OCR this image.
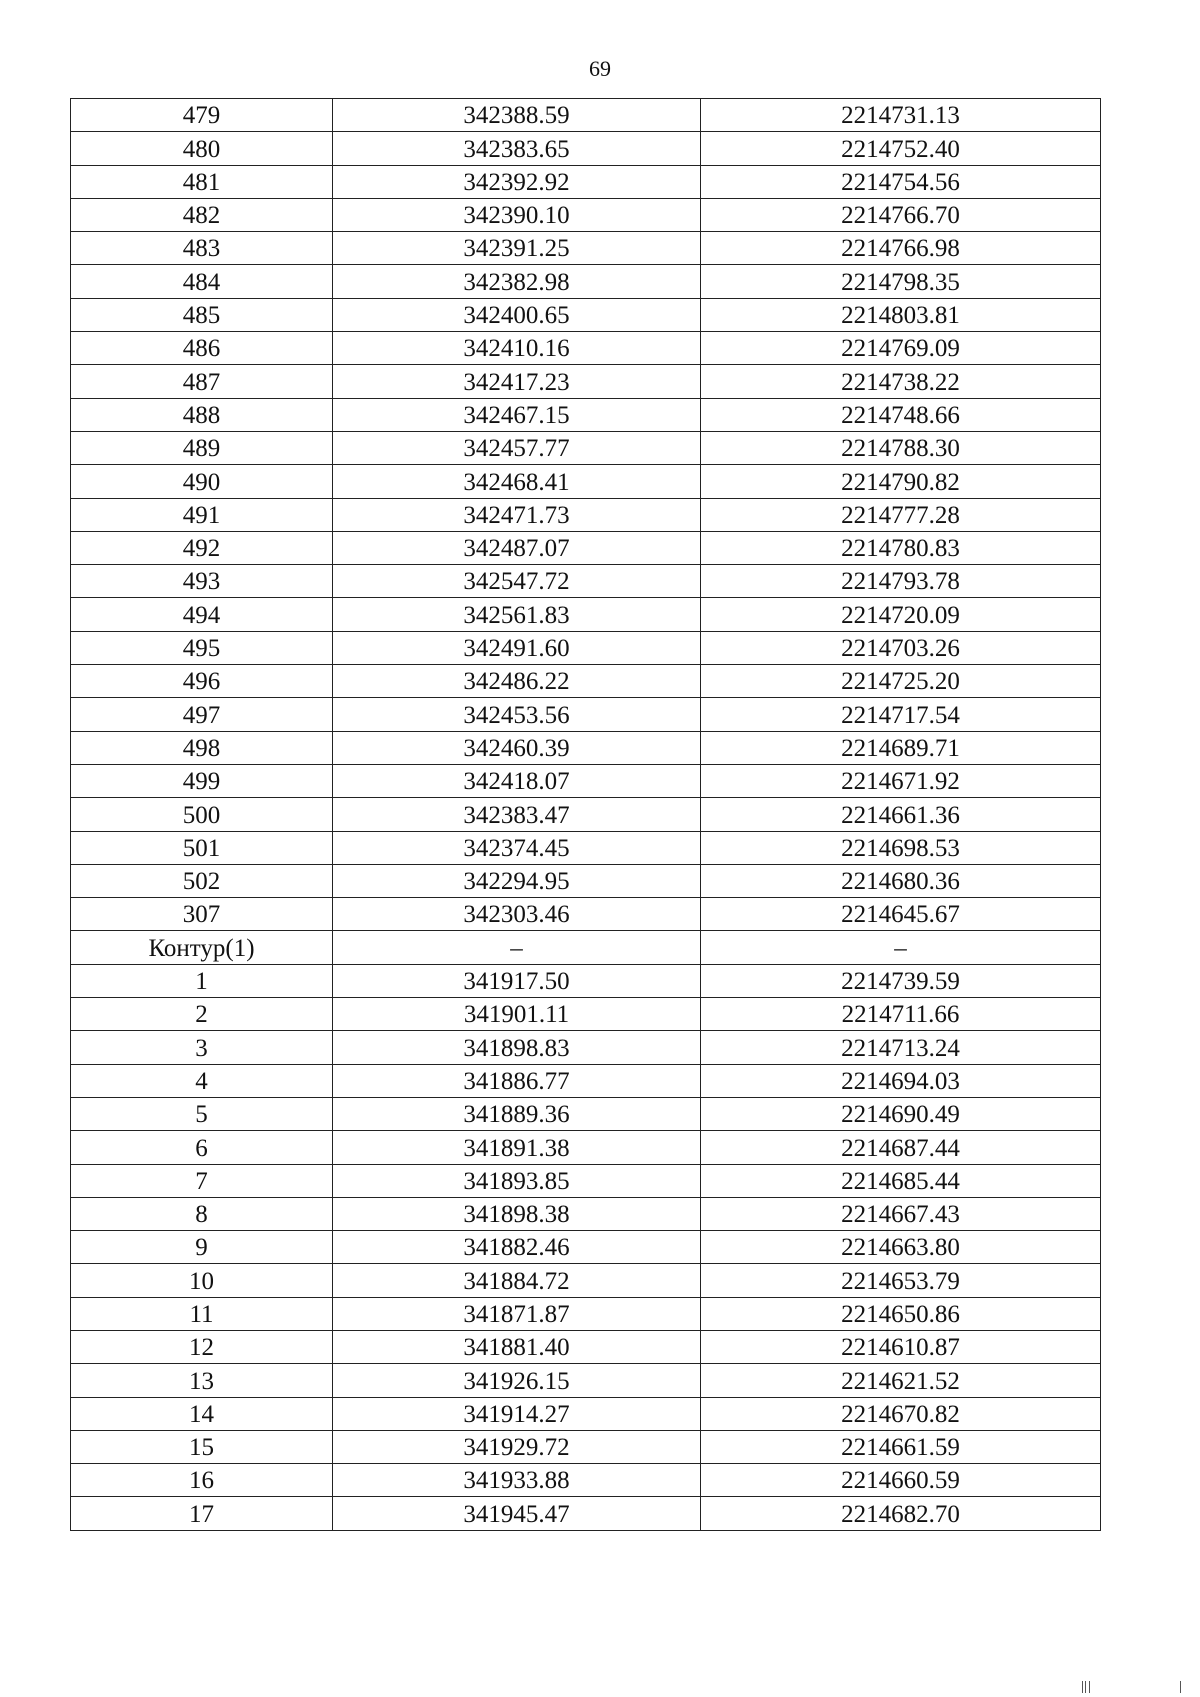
69
479	342388.59	2214731.13
480	342383.65	2214752.40
481	342392.92	2214754.56
482	342390.10	2214766.70
483	342391.25	2214766.98
484	342382.98	2214798.35
485	342400.65	2214803.81
486	342410.16	2214769.09
487	342417.23	2214738.22
488	342467.15	2214748.66
489	342457.77	2214788.30
490	342468.41	2214790.82
491	342471.73	2214777.28
492	342487.07	2214780.83
493	342547.72	2214793.78
494	342561.83	2214720.09
495	342491.60	2214703.26
496	342486.22	2214725.20
497	342453.56	2214717.54
498	342460.39	2214689.71
499	342418.07	2214671.92
500	342383.47	2214661.36
501	342374.45	2214698.53
502	342294.95	2214680.36
307	342303.46	2214645.67
Контур(1)	–	–
1	341917.50	2214739.59
2	341901.11	2214711.66
3	341898.83	2214713.24
4	341886.77	2214694.03
5	341889.36	2214690.49
6	341891.38	2214687.44
7	341893.85	2214685.44
8	341898.38	2214667.43
9	341882.46	2214663.80
10	341884.72	2214653.79
11	341871.87	2214650.86
12	341881.40	2214610.87
13	341926.15	2214621.52
14	341914.27	2214670.82
15	341929.72	2214661.59
16	341933.88	2214660.59
17	341945.47	2214682.70
